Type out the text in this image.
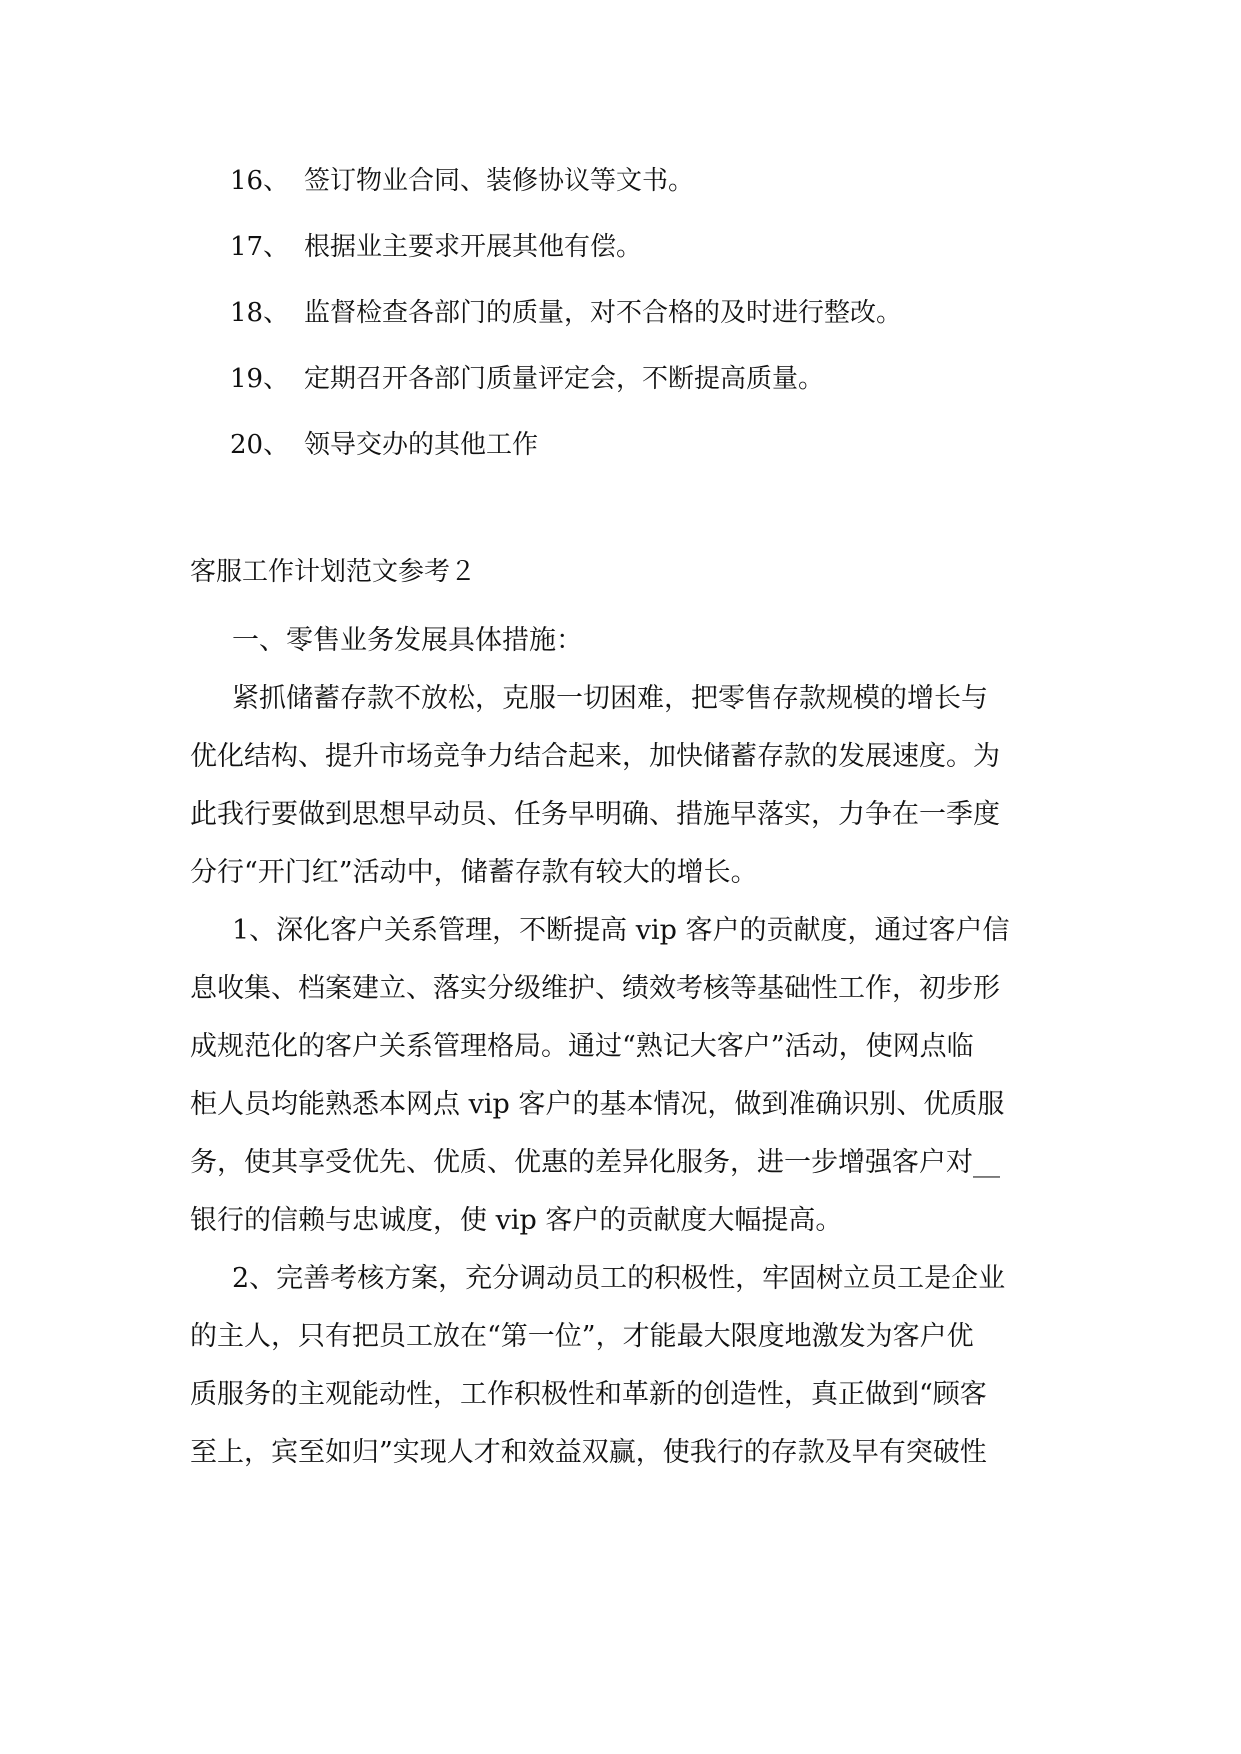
16、 签订物业合同、装修协议等文书。
17、 根据业主要求开展其他有偿。
18、 监督检查各部门的质量，对不合格的及时进行整改。
19、 定期召开各部门质量评定会，不断提高质量。
20、 领导交办的其他工作
客服工作计划范文参考２
一、零售业务发展具体措施：
紧抓储蓄存款不放松，克服一切困难，把零售存款规模的增长与
优化结构、提升市场竞争力结合起来，加快储蓄存款的发展速度。为
此我行要做到思想早动员、任务早明确、措施早落实，力争在一季度
分行“开门红”活动中，储蓄存款有较大的增长。
1、深化客户关系管理，不断提高 vip 客户的贡献度，通过客户信
息收集、档案建立、落实分级维护、绩效考核等基础性工作，初步形
成规范化的客户关系管理格局。通过“熟记大客户”活动，使网点临
柜人员均能熟悉本网点 vip 客户的基本情况，做到准确识别、优质服
务，使其享受优先、优质、优惠的差异化服务，进一步增强客户对__
银行的信赖与忠诚度，使 vip 客户的贡献度大幅提高。
2、完善考核方案，充分调动员工的积极性，牢固树立员工是企业
的主人，只有把员工放在“第一位”，才能最大限度地激发为客户优
质服务的主观能动性，工作积极性和革新的创造性，真正做到“顾客
至上，宾至如归”实现人才和效益双赢，使我行的存款及早有突破性
